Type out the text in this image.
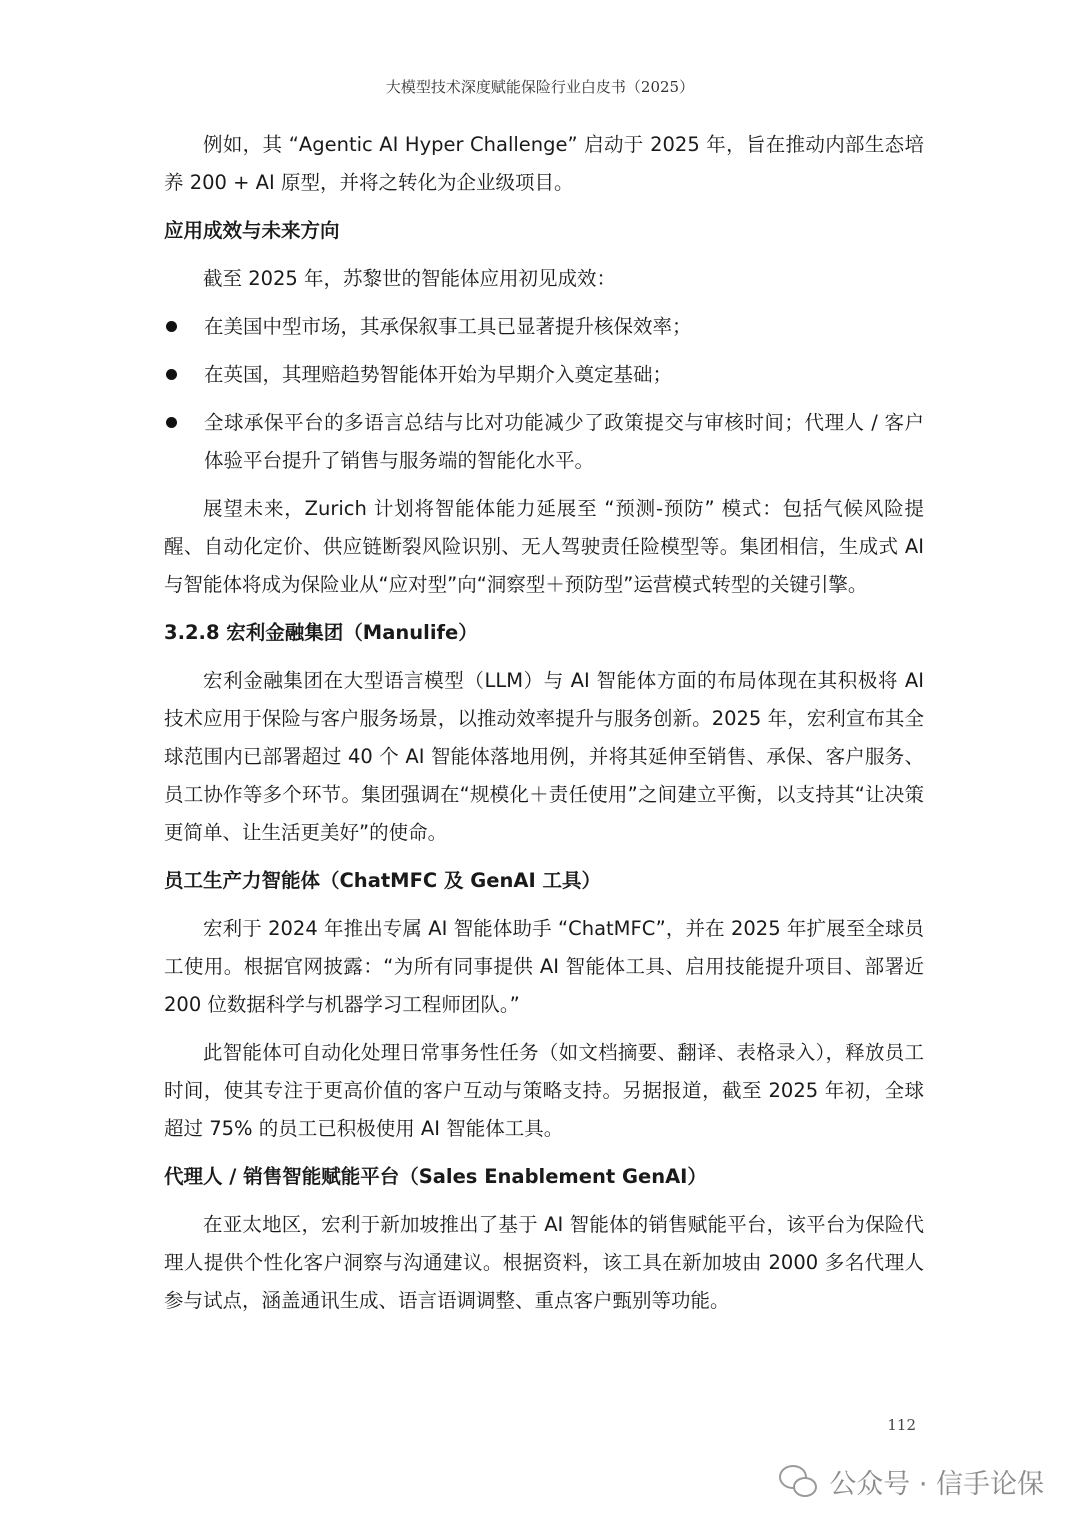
大模型技术深度赋能保险行业白皮书（2025）

例如，其 “Agentic AI Hyper Challenge” 启动于 2025 年，旨在推动内部生态培养 200 + AI 原型，并将之转化为企业级项目。

应用成效与未来方向

截至 2025 年，苏黎世的智能体应用初见成效：

在美国中型市场，其承保叙事工具已显著提升核保效率；

在英国，其理赔趋势智能体开始为早期介入奠定基础；

全球承保平台的多语言总结与比对功能减少了政策提交与审核时间；代理人 / 客户体验平台提升了销售与服务端的智能化水平。

展望未来，Zurich 计划将智能体能力延展至 “预测-预防” 模式：包括气候风险提醒、自动化定价、供应链断裂风险识别、无人驾驶责任险模型等。集团相信，生成式 AI 与智能体将成为保险业从“应对型”向“洞察型＋预防型”运营模式转型的关键引擎。

3.2.8 宏利金融集团（Manulife）

宏利金融集团在大型语言模型（LLM）与 AI 智能体方面的布局体现在其积极将 AI 技术应用于保险与客户服务场景，以推动效率提升与服务创新。2025 年，宏利宣布其全球范围内已部署超过 40 个 AI 智能体落地用例，并将其延伸至销售、承保、客户服务、员工协作等多个环节。集团强调在“规模化＋责任使用”之间建立平衡，以支持其“让决策更简单、让生活更美好”的使命。

员工生产力智能体（ChatMFC 及 GenAI 工具）

宏利于 2024 年推出专属 AI 智能体助手 “ChatMFC”，并在 2025 年扩展至全球员工使用。根据官网披露：“为所有同事提供 AI 智能体工具、启用技能提升项目、部署近 200 位数据科学与机器学习工程师团队。”

此智能体可自动化处理日常事务性任务（如文档摘要、翻译、表格录入），释放员工时间，使其专注于更高价值的客户互动与策略支持。另据报道，截至 2025 年初，全球超过 75% 的员工已积极使用 AI 智能体工具。

代理人 / 销售智能赋能平台（Sales Enablement GenAI）

在亚太地区，宏利于新加坡推出了基于 AI 智能体的销售赋能平台，该平台为保险代理人提供个性化客户洞察与沟通建议。根据资料，该工具在新加坡由 2000 多名代理人参与试点，涵盖通讯生成、语言语调调整、重点客户甄别等功能。

112
公众号 · 信手论保
